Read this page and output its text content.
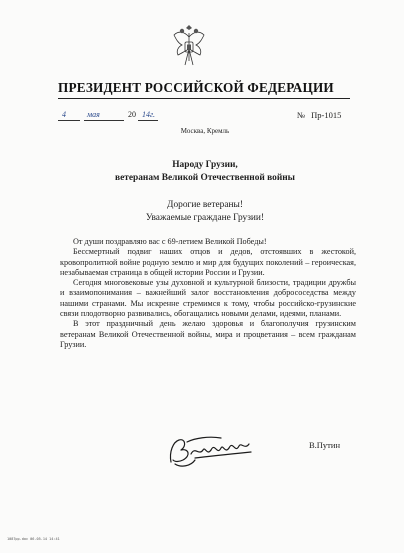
ПРЕЗИДЕНТ РОССИЙСКОЙ ФЕДЕРАЦИИ
4	мая	20 14г.	№ Пр-1015
Москва, Кремль
Народу Грузии,
ветеранам Великой Отечественной войны
Дорогие ветераны!
Уважаемые граждане Грузии!

От души поздравляю вас с 69-летием Великой Победы!

Бессмертный подвиг наших отцов и дедов, отстоявших в жестокой, кровопролитной войне родную землю и мир для будущих поколений – героическая, незабываемая страница в общей истории России и Грузии.

Сегодня многовековые узы духовной и культурной близости, традиции дружбы и взаимопонимания – важнейший залог восстановления добрососедства между нашими странами. Мы искренне стремимся к тому, чтобы российско-грузинские связи плодотворно развивались, обогащались новыми делами, идеями, планами.

В этот праздничный день желаю здоровья и благополучия грузинским ветеранам Великой Отечественной войны, мира и процветания – всем гражданам Грузии.

В.Путин
1087pp.doc 06.05.14 14:41
